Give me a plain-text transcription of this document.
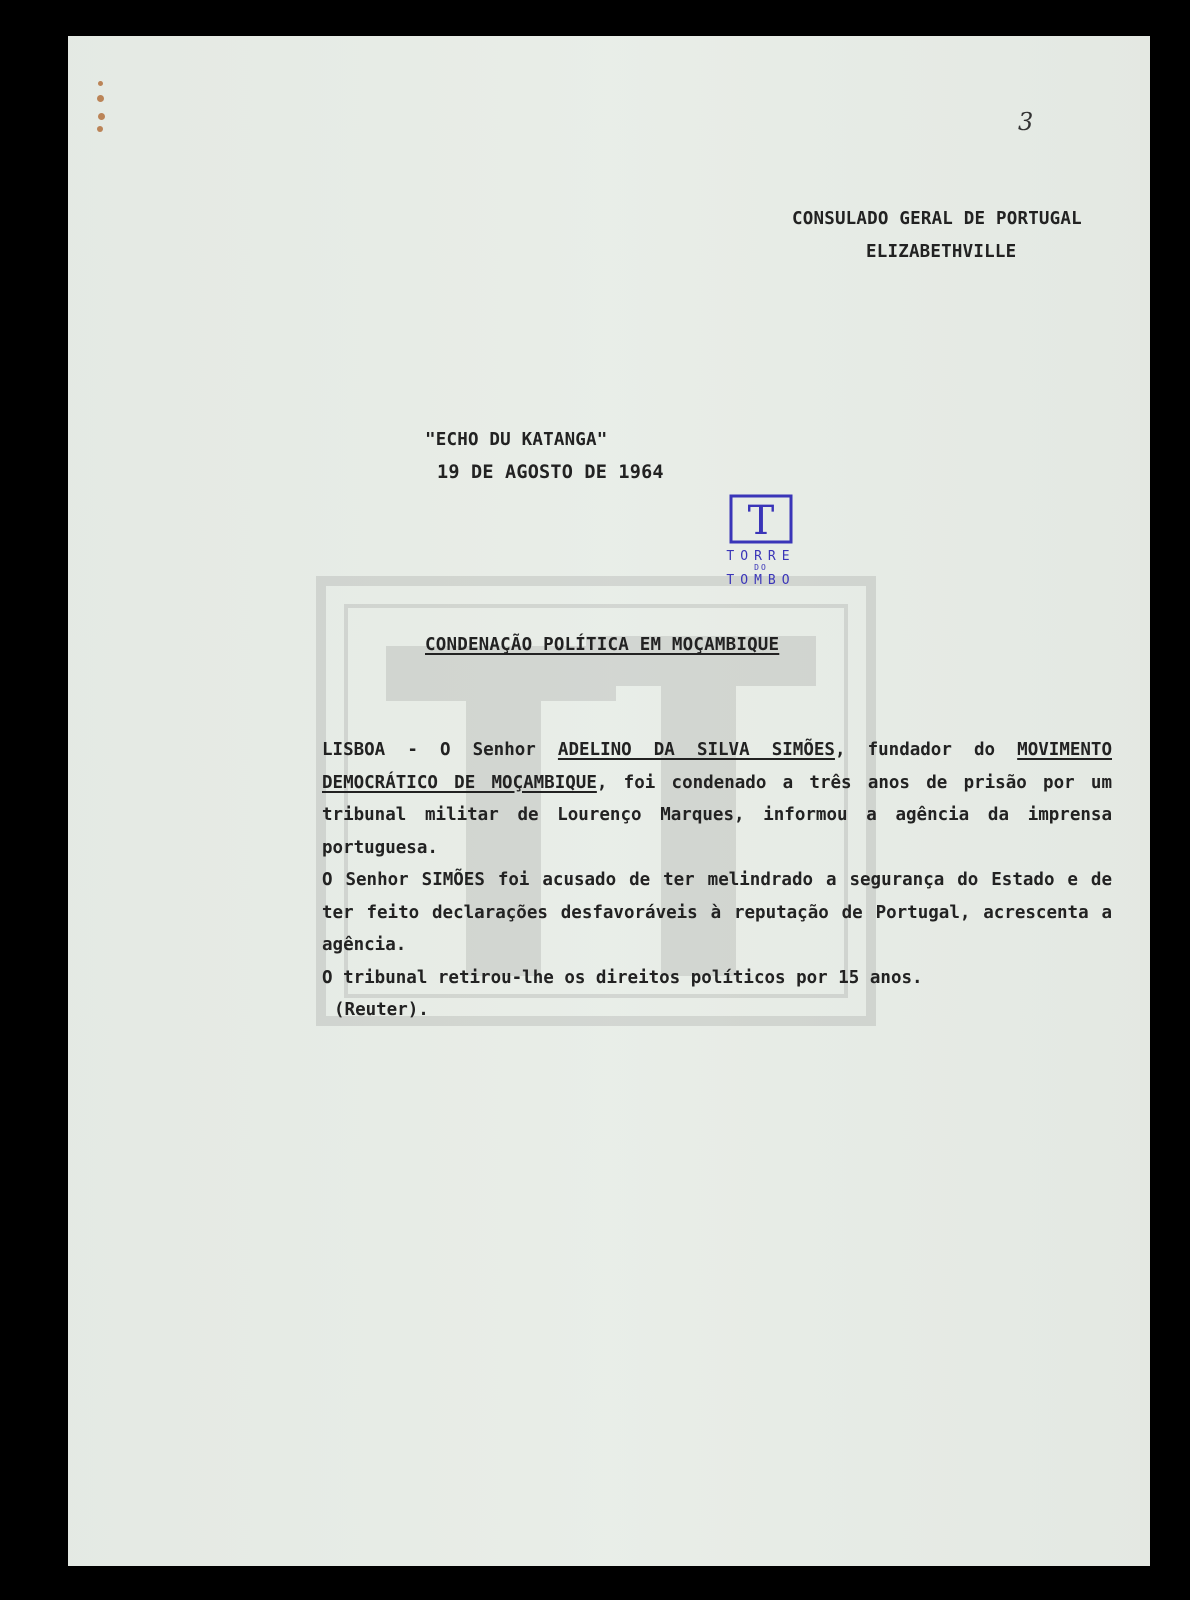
3
CONSULADO GERAL DE PORTUGAL
ELIZABETHVILLE
"ECHO DU KATANGA"
19 DE AGOSTO DE 1964
T
TORRE
DO
TOMBO
CONDENAÇÃO POLÍTICA EM MOÇAMBIQUE

LISBOA - O Senhor ADELINO DA SILVA SIMÕES, fundador do MOVIMENTO DEMOCRÁTICO DE MOÇAMBIQUE, foi condenado a três anos de prisão por um tribunal militar de Lourenço Marques, informou a agência da imprensa portuguesa.

O Senhor SIMÕES foi acusado de ter melindrado a segurança do Estado e de ter feito declarações desfavoráveis à reputação de Portugal, acrescenta a agência.

O tribunal retirou-lhe os direitos políticos por 15 anos.

(Reuter).
